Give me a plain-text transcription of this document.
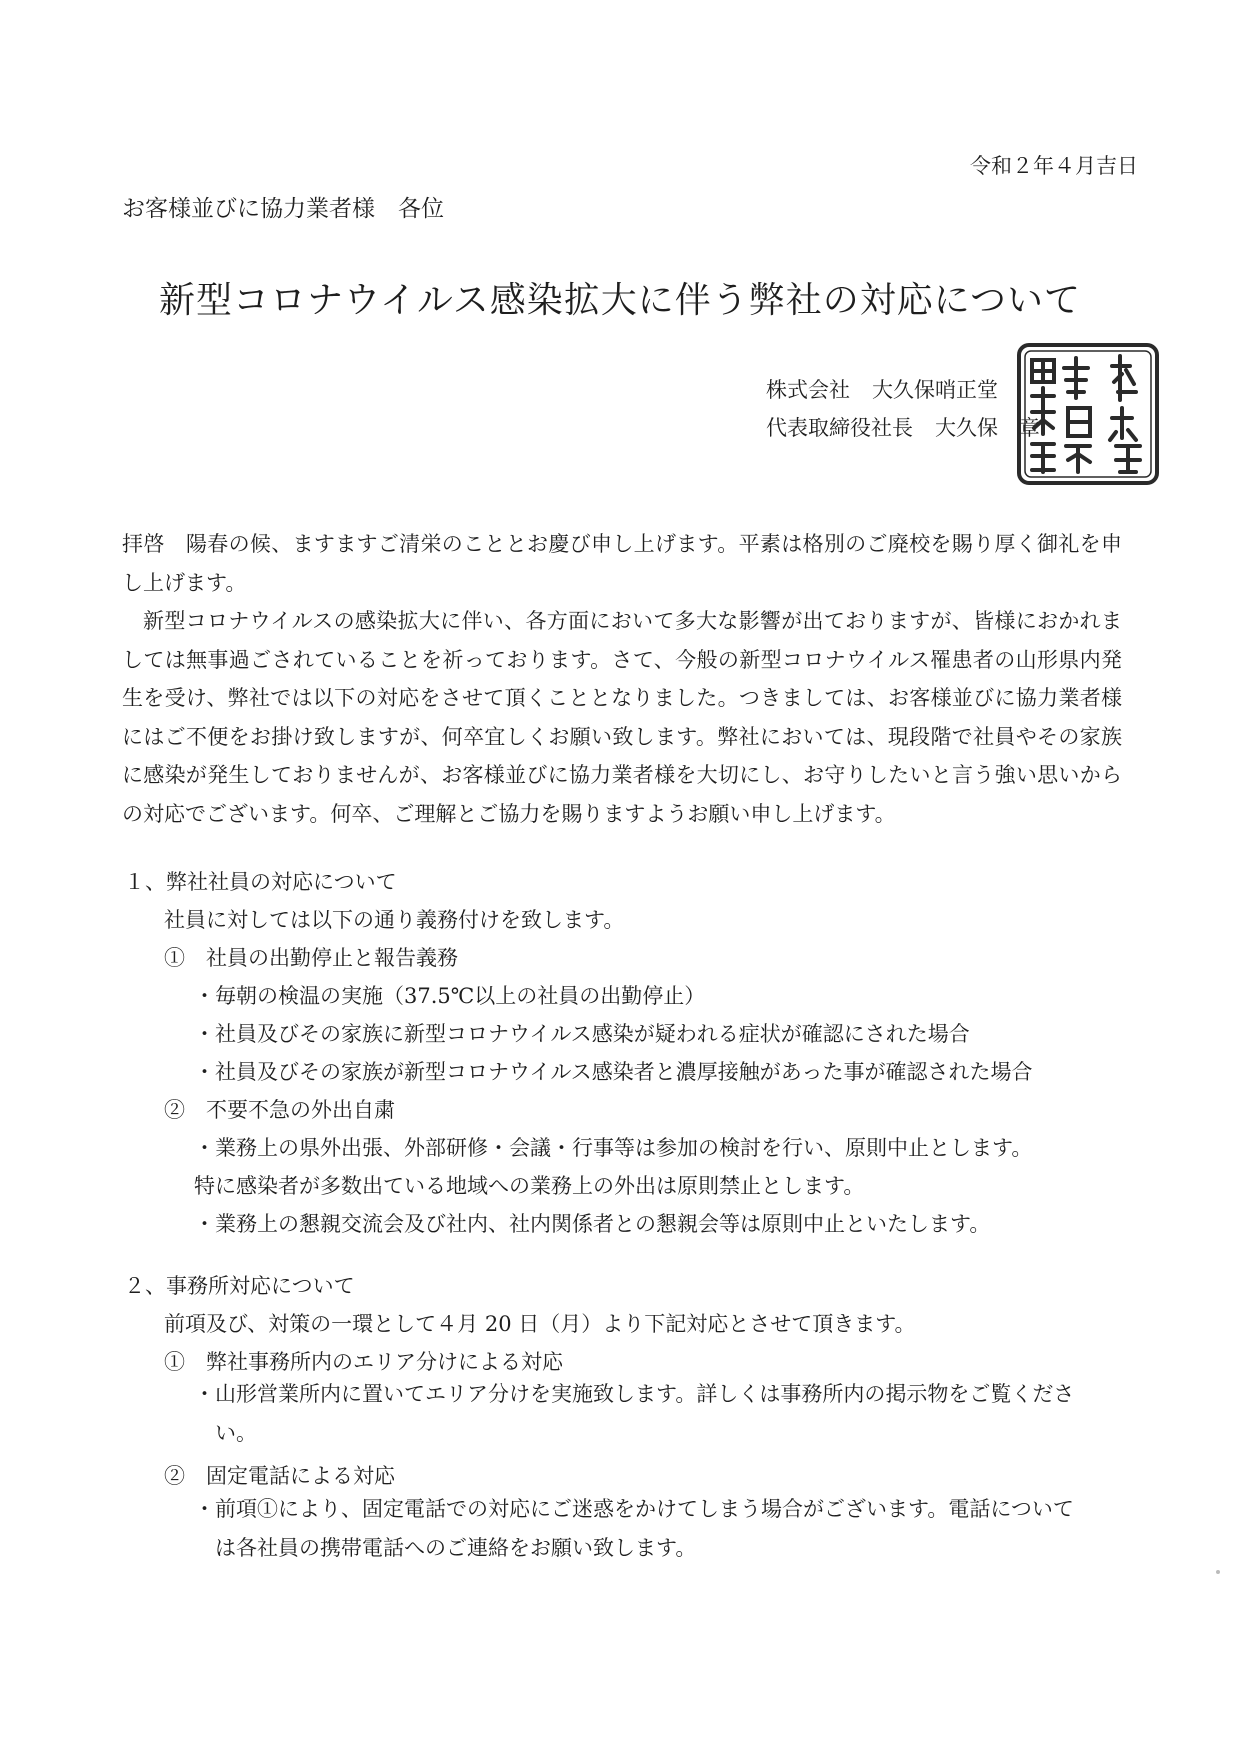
令和２年４月吉日
お客様並びに協力業者様　各位
新型コロナウイルス感染拡大に伴う弊社の対応について
株式会社 大久保哨正堂
代表取締役社長 大久保　章

拝啓　陽春の候、ますますご清栄のこととお慶び申し上げます。平素は格別のご廃校を賜り厚く御礼を申し上げます。

新型コロナウイルスの感染拡大に伴い、各方面において多大な影響が出ておりますが、皆様におかれましては無事過ごされていることを祈っております。さて、今般の新型コロナウイルス罹患者の山形県内発生を受け、弊社では以下の対応をさせて頂くこととなりました。つきましては、お客様並びに協力業者様にはご不便をお掛け致しますが、何卒宜しくお願い致します。弊社においては、現段階で社員やその家族に感染が発生しておりませんが、お客様並びに協力業者様を大切にし、お守りしたいと言う強い思いからの対応でございます。何卒、ご理解とご協力を賜りますようお願い申し上げます。

１、弊社社員の対応について
社員に対しては以下の通り義務付けを致します。
①　社員の出勤停止と報告義務
・毎朝の検温の実施（37.5℃以上の社員の出勤停止）
・社員及びその家族に新型コロナウイルス感染が疑われる症状が確認にされた場合
・社員及びその家族が新型コロナウイルス感染者と濃厚接触があった事が確認された場合
②　不要不急の外出自粛
・業務上の県外出張、外部研修・会議・行事等は参加の検討を行い、原則中止とします。
特に感染者が多数出ている地域への業務上の外出は原則禁止とします。
・業務上の懇親交流会及び社内、社内関係者との懇親会等は原則中止といたします。
２、事務所対応について
前項及び、対策の一環として４月 20 日（月）より下記対応とさせて頂きます。
①　弊社事務所内のエリア分けによる対応
・山形営業所内に置いてエリア分けを実施致します。詳しくは事務所内の掲示物をご覧くださ
い。
②　固定電話による対応
・前項①により、固定電話での対応にご迷惑をかけてしまう場合がございます。電話について
は各社員の携帯電話へのご連絡をお願い致します。
